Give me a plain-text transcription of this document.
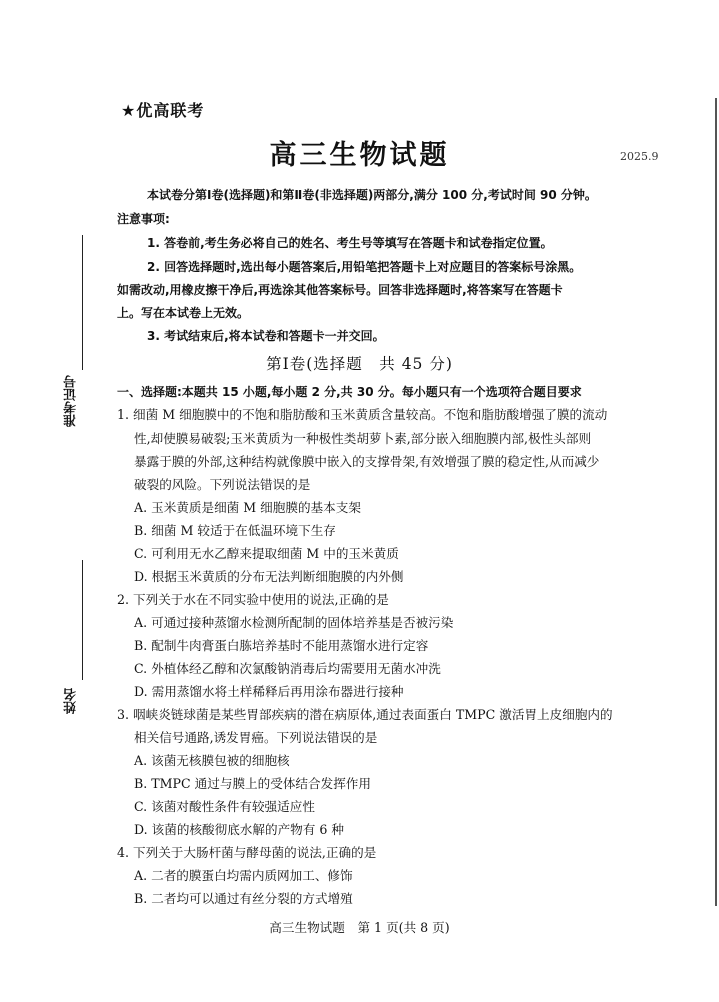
★优高联考
高三生物试题	2025.9
本试卷分第Ⅰ卷(选择题)和第Ⅱ卷(非选择题)两部分,满分 100 分,考试时间 90 分钟。
注意事项:
1. 答卷前,考生务必将自己的姓名、考生号等填写在答题卡和试卷指定位置。
2. 回答选择题时,选出每小题答案后,用铅笔把答题卡上对应题目的答案标号涂黑。
如需改动,用橡皮擦干净后,再选涂其他答案标号。回答非选择题时,将答案写在答题卡
上。写在本试卷上无效。
3. 考试结束后,将本试卷和答题卡一并交回。
第Ⅰ卷(选择题　共 45 分)
一、选择题:本题共 15 小题,每小题 2 分,共 30 分。每小题只有一个选项符合题目要求
1. 细菌 M 细胞膜中的不饱和脂肪酸和玉米黄质含量较高。不饱和脂肪酸增强了膜的流动
性,却使膜易破裂;玉米黄质为一种极性类胡萝卜素,部分嵌入细胞膜内部,极性头部则
暴露于膜的外部,这种结构就像膜中嵌入的支撑骨架,有效增强了膜的稳定性,从而减少
破裂的风险。下列说法错误的是
A. 玉米黄质是细菌 M 细胞膜的基本支架
B. 细菌 M 较适于在低温环境下生存
C. 可利用无水乙醇来提取细菌 M 中的玉米黄质
D. 根据玉米黄质的分布无法判断细胞膜的内外侧
2. 下列关于水在不同实验中使用的说法,正确的是
A. 可通过接种蒸馏水检测所配制的固体培养基是否被污染
B. 配制牛肉膏蛋白胨培养基时不能用蒸馏水进行定容
C. 外植体经乙醇和次氯酸钠消毒后均需要用无菌水冲洗
D. 需用蒸馏水将土样稀释后再用涂布器进行接种
3. 咽峡炎链球菌是某些胃部疾病的潜在病原体,通过表面蛋白 TMPC 激活胃上皮细胞内的
相关信号通路,诱发胃癌。下列说法错误的是
A. 该菌无核膜包被的细胞核
B. TMPC 通过与膜上的受体结合发挥作用
C. 该菌对酸性条件有较强适应性
D. 该菌的核酸彻底水解的产物有 6 种
4. 下列关于大肠杆菌与酵母菌的说法,正确的是
A. 二者的膜蛋白均需内质网加工、修饰
B. 二者均可以通过有丝分裂的方式增殖
高三生物试题　第 1 页(共 8 页)
准考证号
姓名
